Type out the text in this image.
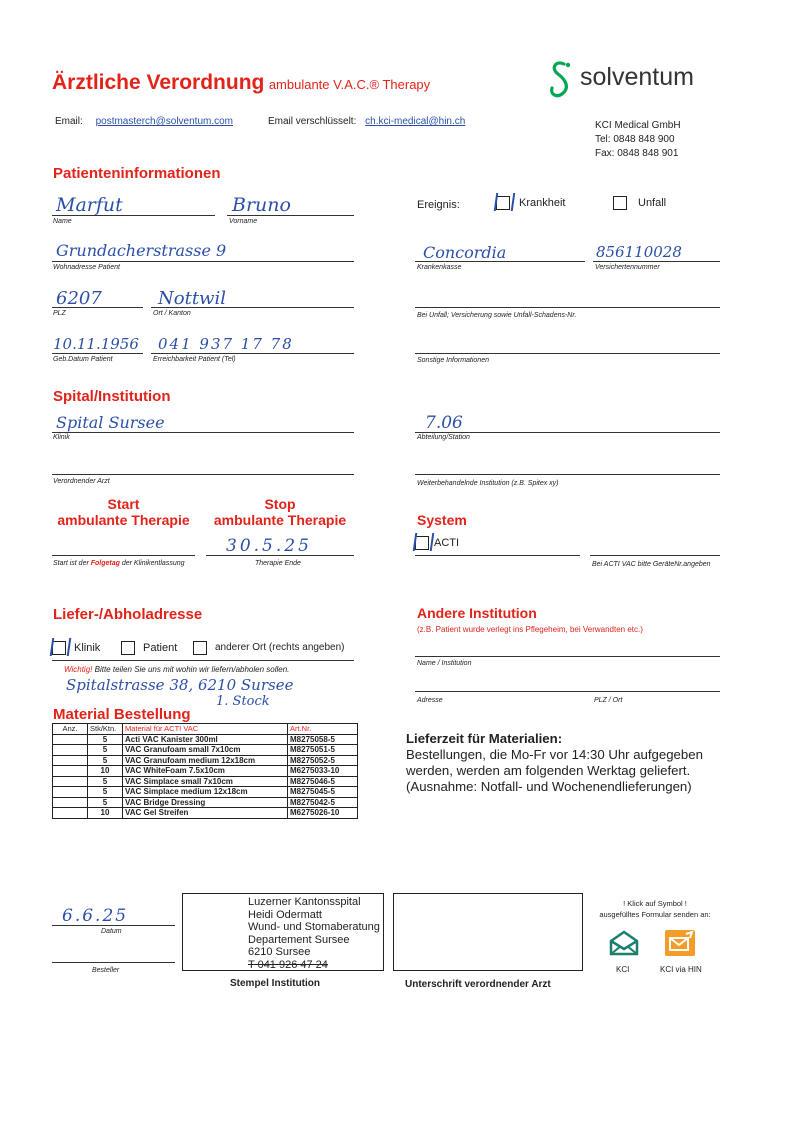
Ärztliche Verordnung ambulante V.A.C.® Therapy	solventum
Email: postmasterch@solventum.com	Email verschlüsselt: ch.kci-medical@hin.ch	KCI Medical GmbH
Tel: 0848 848 900
Fax: 0848 848 901
Patienteninformationen
Marfut
Name
Bruno
Vorname
Grundacherstrasse 9
Wohnadresse Patient
6207
PLZ
Nottwil
Ort / Kanton
10.11.1956
Geb.Datum Patient
041 937 17 78
Erreichbarkeit Patient (Tel)
Ereignis:	Krankheit	Unfall
Concordia
Krankenkasse
856110028
Versichertennummer
Bei Unfall; Versicherung sowie Unfall-Schadens-Nr.
Sonstige Informationen
Spital/Institution
Spital Sursee
Klinik
Verordnender Arzt
7.06
Abteilung/Station
Weiterbehandelnde Institution (z.B. Spitex xy)
Start
ambulante Therapie
Stop
ambulante Therapie
Start ist der Folgetag der Klinikentlassung
30.5.25
Therapie Ende
System
ACTI
Bei ACTI VAC bitte GeräteNr.angeben
Liefer-/Abholadresse
Klinik	Patient	anderer Ort (rechts angeben)
Wichtig! Bitte teilen Sie uns mit wohin wir liefern/abholen sollen.
Spitalstrasse 38, 6210 Sursee
1. Stock
Andere Institution
(z.B. Patient wurde verlegt ins Pflegeheim, bei Verwandten etc.)
Name / Institution
Adresse	PLZ / Ort
Material Bestellung
Anz.	Stk/Ktn.	Material für ACTI VAC	Art.Nr.
	5	Acti VAC Kanister 300ml	M8275058-5
	5	VAC Granufoam small 7x10cm	M8275051-5
	5	VAC Granufoam medium 12x18cm	M8275052-5
	10	VAC WhiteFoam 7.5x10cm	M6275033-10
	5	VAC Simplace small 7x10cm	M8275046-5
	5	VAC Simplace medium 12x18cm	M8275045-5
	5	VAC Bridge Dressing	M8275042-5
	10	VAC Gel Streifen	M6275026-10
Lieferzeit für Materialien:
Bestellungen, die Mo-Fr vor 14:30 Uhr aufgegeben
werden, werden am folgenden Werktag geliefert.
(Ausnahme: Notfall- und Wochenendlieferungen)
6.6.25
Datum
Besteller
Luzerner Kantonsspital
Heidi Odermatt
Wund- und Stomaberatung
Departement Sursee
6210 Sursee
T 041 926 47 24
Stempel Institution	Unterschrift verordnender Arzt
! Klick auf Symbol !
ausgefülltes Formular senden an:
KCI	KCI via HIN
